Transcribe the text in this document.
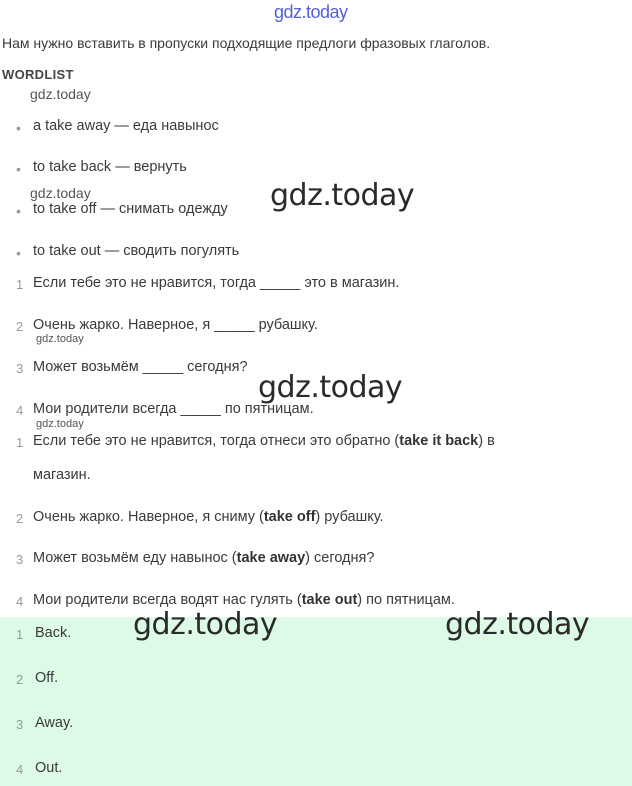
gdz.today
Нам нужно вставить в пропуски подходящие предлоги фразовых глаголов.
WORDLIST
gdz.today
• a take away — еда навынос
• to take back — вернуть
gdz.today
• to take off — снимать одежду gdz.today
• to take out — сводить погулять
1 Если тебе это не нравится, тогда _____ это в магазин.
2 Очень жарко. Наверное, я _____ рубашку.
gdz.today
3 Может возьмём _____ сегодня?
gdz.today
4 Мои родители всегда _____ по пятницам.
gdz.today
1 Если тебе это не нравится, тогда отнеси это обратно (take it back) в
магазин.
2 Очень жарко. Наверное, я сниму (take off) рубашку.
3 Может возьмём еду навынос (take away) сегодня?
4 Мои родители всегда водят нас гулять (take out) по пятницам.
gdz.today	gdz.today
1 Back.
2 Off.
3 Away.
4 Out.
